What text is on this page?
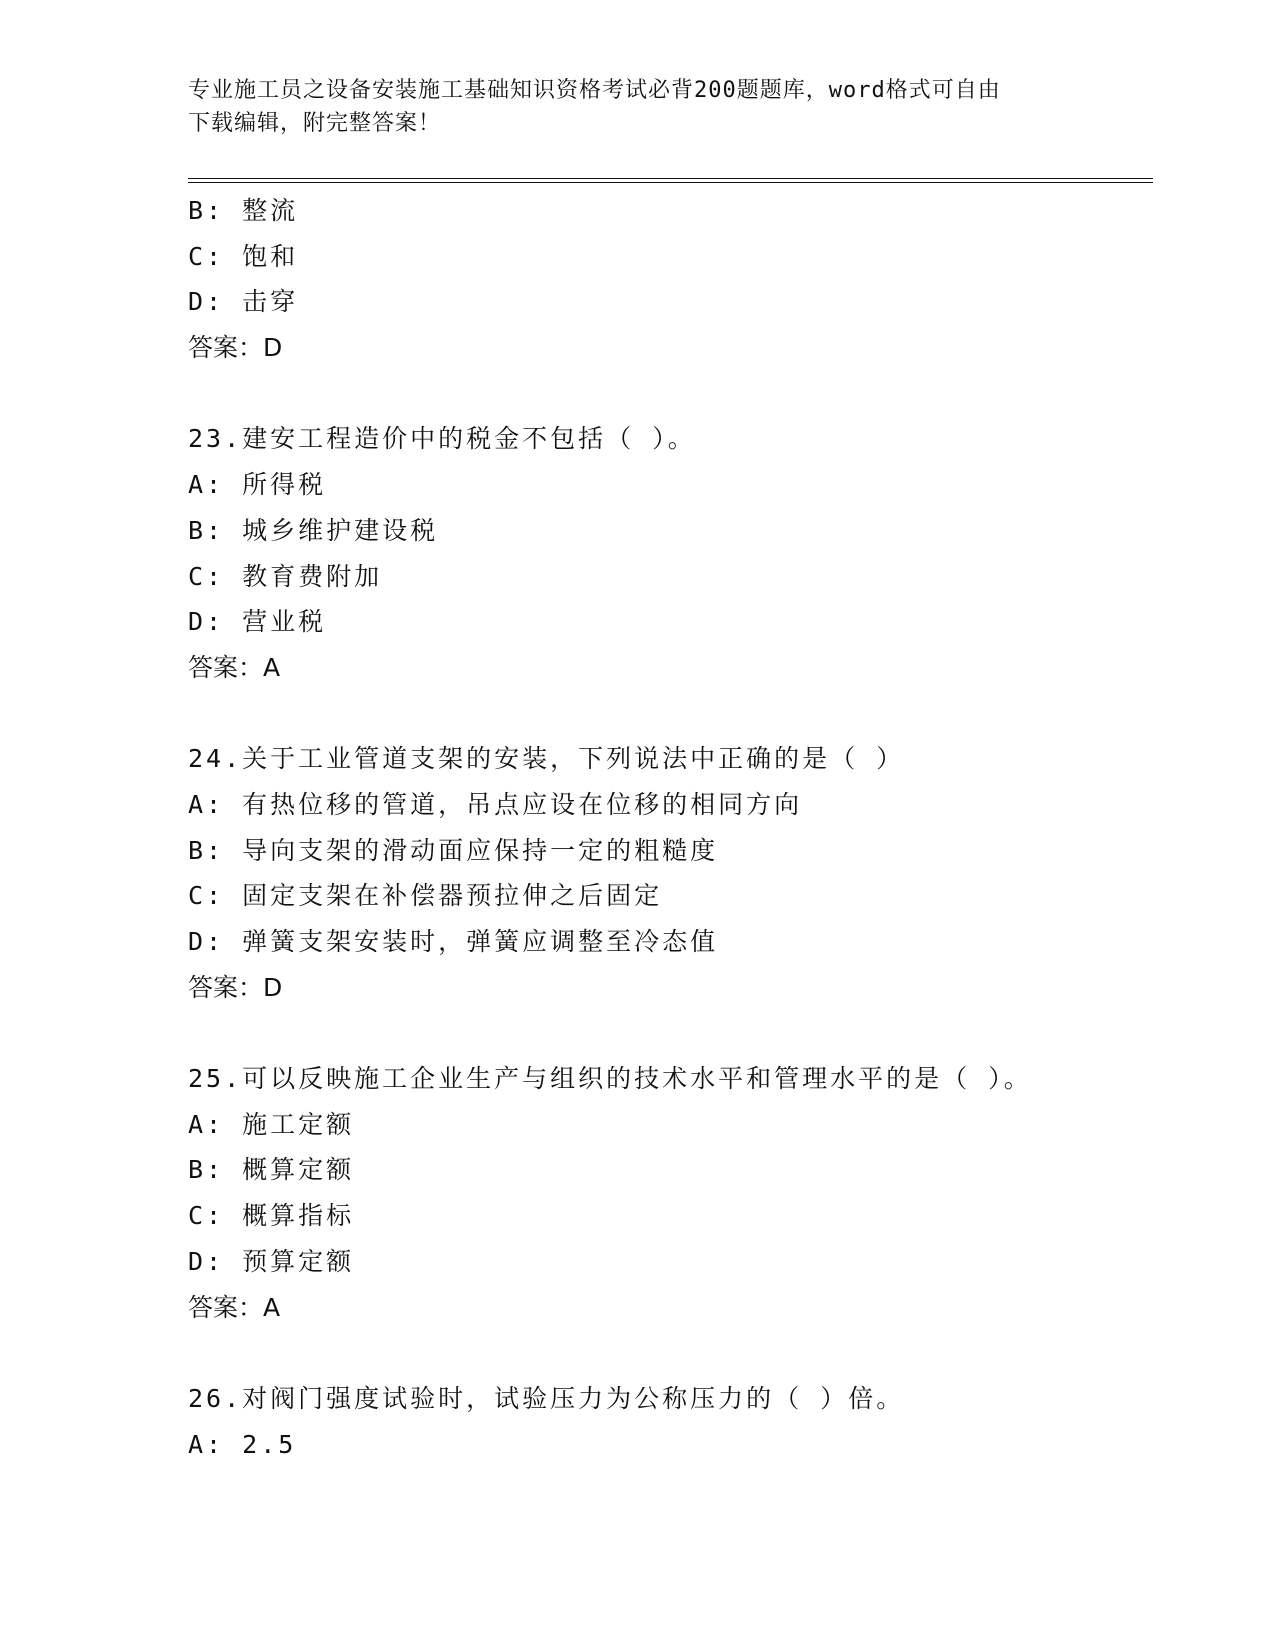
专业施工员之设备安装施工基础知识资格考试必背200题题库，word格式可自由
下载编辑，附完整答案！
B: 整流
C: 饱和
D: 击穿
答案：D
23.建安工程造价中的税金不包括（ ）。
A: 所得税
B: 城乡维护建设税
C: 教育费附加
D: 营业税
答案：A
24.关于工业管道支架的安装，下列说法中正确的是（ ）
A: 有热位移的管道，吊点应设在位移的相同方向
B: 导向支架的滑动面应保持一定的粗糙度
C: 固定支架在补偿器预拉伸之后固定
D: 弹簧支架安装时，弹簧应调整至冷态值
答案：D
25.可以反映施工企业生产与组织的技术水平和管理水平的是（ ）。
A: 施工定额
B: 概算定额
C: 概算指标
D: 预算定额
答案：A
26.对阀门强度试验时，试验压力为公称压力的（ ）倍。
A: 2.5
